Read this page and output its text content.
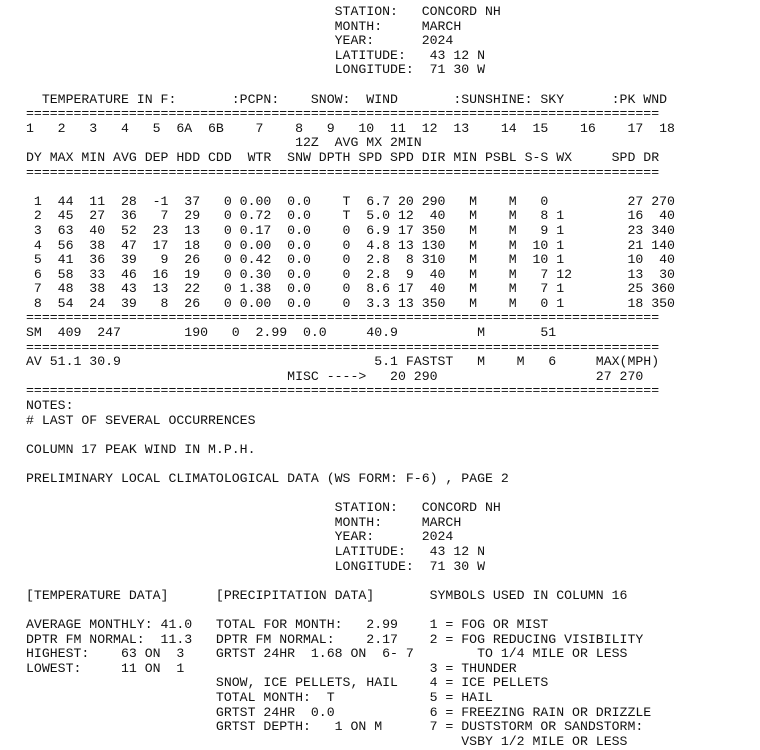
STATION:   CONCORD NH
MONTH:     MARCH
YEAR:      2024
LATITUDE:   43 12 N
LONGITUDE:  71 30 W

TEMPERATURE IN F:       :PCPN:    SNOW:  WIND       :SUNSHINE: SKY      :PK WND
================================================================================
1   2   3   4   5  6A  6B    7    8   9   10  11  12  13    14  15    16    17  18
12Z  AVG MX 2MIN
DY MAX MIN AVG DEP HDD CDD  WTR  SNW DPTH SPD SPD DIR MIN PSBL S-S WX     SPD DR
================================================================================

1  44  11  28  -1  37   0 0.00  0.0    T  6.7 20 290   M    M   0          27 270
2  45  27  36   7  29   0 0.72  0.0    T  5.0 12  40   M    M   8 1        16  40
3  63  40  52  23  13   0 0.17  0.0    0  6.9 17 350   M    M   9 1        23 340
4  56  38  47  17  18   0 0.00  0.0    0  4.8 13 130   M    M  10 1        21 140
5  41  36  39   9  26   0 0.42  0.0    0  2.8  8 310   M    M  10 1        10  40
6  58  33  46  16  19   0 0.30  0.0    0  2.8  9  40   M    M   7 12       13  30
7  48  38  43  13  22   0 1.38  0.0    0  8.6 17  40   M    M   7 1        25 360
8  54  24  39   8  26   0 0.00  0.0    0  3.3 13 350   M    M   0 1        18 350
================================================================================
SM  409  247        190   0  2.99  0.0     40.9          M       51
================================================================================
AV 51.1 30.9                                5.1 FASTST   M    M   6     MAX(MPH)
MISC ---->   20 290                    27 270
================================================================================
NOTES:
# LAST OF SEVERAL OCCURRENCES

COLUMN 17 PEAK WIND IN M.P.H.

PRELIMINARY LOCAL CLIMATOLOGICAL DATA (WS FORM: F-6) , PAGE 2

STATION:   CONCORD NH
MONTH:     MARCH
YEAR:      2024
LATITUDE:   43 12 N
LONGITUDE:  71 30 W

[TEMPERATURE DATA]      [PRECIPITATION DATA]       SYMBOLS USED IN COLUMN 16

AVERAGE MONTHLY: 41.0   TOTAL FOR MONTH:   2.99    1 = FOG OR MIST
DPTR FM NORMAL:  11.3   DPTR FM NORMAL:    2.17    2 = FOG REDUCING VISIBILITY
HIGHEST:    63 ON  3    GRTST 24HR  1.68 ON  6- 7        TO 1/4 MILE OR LESS
LOWEST:     11 ON  1                               3 = THUNDER
SNOW, ICE PELLETS, HAIL    4 = ICE PELLETS
TOTAL MONTH:  T            5 = HAIL
GRTST 24HR  0.0            6 = FREEZING RAIN OR DRIZZLE
GRTST DEPTH:   1 ON M      7 = DUSTSTORM OR SANDSTORM:
VSBY 1/2 MILE OR LESS
